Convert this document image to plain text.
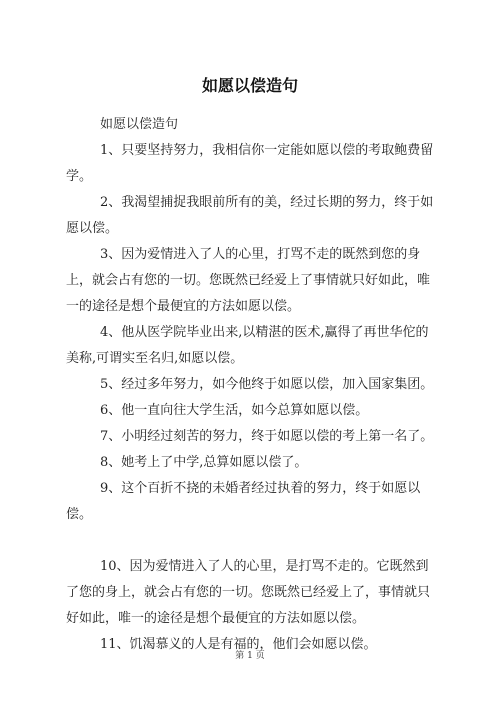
如愿以偿造句

如愿以偿造句

1、只要坚持努力，我相信你一定能如愿以偿的考取鲍费留学。

2、我渴望捕捉我眼前所有的美，经过长期的努力，终于如愿以偿。

3、因为爱情进入了人的心里，打骂不走的既然到您的身上，就会占有您的一切。您既然已经爱上了事情就只好如此，唯一的途径是想个最便宜的方法如愿以偿。

4、他从医学院毕业出来,以精湛的医术,赢得了再世华佗的美称,可谓实至名归,如愿以偿。

5、经过多年努力，如今他终于如愿以偿，加入国家集团。

6、他一直向往大学生活，如今总算如愿以偿。

7、小明经过刻苦的努力，终于如愿以偿的考上第一名了。

8、她考上了中学,总算如愿以偿了。

9、这个百折不挠的未婚者经过执着的努力，终于如愿以偿。

10、因为爱情进入了人的心里，是打骂不走的。它既然到了您的身上，就会占有您的一切。您既然已经爱上了，事情就只好如此，唯一的途径是想个最便宜的方法如愿以偿。

11、饥渴慕义的人是有福的，他们会如愿以偿。

第 1 页
